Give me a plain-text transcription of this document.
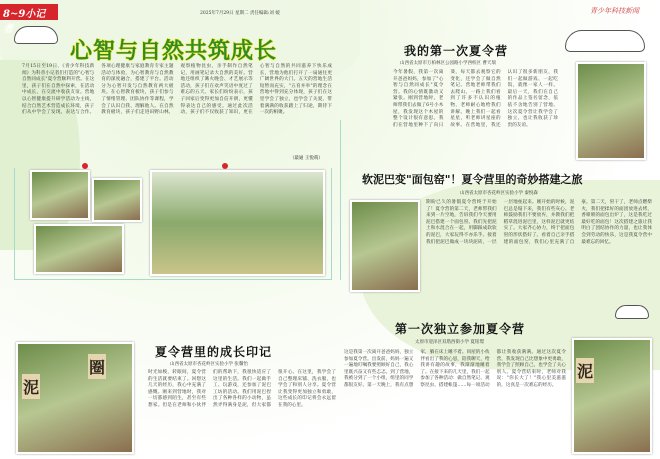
8~9小记者
2025年7月29日 星期二 责任编辑:刘 媛	青少年科技新闻
心智与自然共筑成长
7月15日至19日，《青少年科技新闻》为科普小记者们打造的"心智与自然同成长"夏令营顺利开营。在这里，孩子们在自然中探索，在活动中成长，在交流中收获友谊。营地以心智健康提升研学活动为主线，结合自然艺术营造成长环境，孩子们从中学会了发现、表达与合作。各项心理健康与家庭教育专家主题活动与体验，为心智教育与自然教育的深度融合，搭建了平台。活动分为心智开发与自然教育两大板块。在心智教育板块，孩子们参与了情绪管理、团队协作等课程，学会了认识自我、理解他人。在自然教育板块，孩子们走进田野山林，观察植物昆虫，亲手制作自然笔记，用画笔记录大自然的美好。营地还组织了篝火晚会、才艺展示等活动，孩子们在欢声笑语中度过了难忘的五天。家长们纷纷表示，孩子回家后变得更加自信开朗，更懂得表达自己的感受。通过此次活动，孩子们不仅收获了知识，更在心智与自然的共同滋养下快乐成长，营地为他们打开了一扇通往更广阔世界的大门。五天的营地生活短暂而充实，"五育并举"的理念在营地中得到充分体现，孩子们在这里学会了独立，也学会了关爱，带着满满的收获踏上了归途，期待下一次的相聚。
（最通 王悦萌）
泥
圈
夏令营里的成长印记
山西省太原市杏花岭区实验小学 张馨怡
时光如梭，转眼间，夏令营的生活就要结束了。回想这几天的经历，我心中充满了感慨。刚来到营地时，我对一切都感到陌生，甚至有些想家。但是在老师和小伙伴们的帮助下，我很快适应了这里的生活。我们一起做手工、玩游戏，还参加了泥巴工坊的活动。我们用泥巴捏出了各种各样的小动物，虽然弄得满身是泥，但大家都很开心。在这里，我学会了自己整理床铺、洗衣服，也学会了和别人分享。夏令营让我变得更加独立和勇敢，这些成长的印记将会永远留在我的心里。
我的第一次夏令营
山西省太原市万柏林区公园路小学西校区 曹天瑞
今年暑假，我第一次离开爸爸妈妈，参加了"心智与自然同成长"夏令营。我的心情既激动又紧张。刚到营地时，老师带我们去做了6号小木屋，我发现这个木屋的整个设计很有意思。我们在营地里种下了向日葵，每天都去观察它的变化，还学会了做自然笔记。营地老师带我们去爬山，一路上我们看到了许多不认识的植物，老师耐心地给我们讲解。晚上我们一起看星星，听老师讲星座的故事。在营地里，我还认识了很多新朋友，我们一起做游戏、一起吃饭，就像一家人一样。最后一天，我们在自己的作品上签名留念，依依不舍地告别了营地。这次夏令营让我学会了独立，也让我收获了珍贵的友谊。
软泥巴变"面包窑"！夏令营里的奇妙搭建之旅
山西省太原市杏花岭区实验小学 秦悦森
期盼已久的暑假夏令营终于开始了！夏令营的第二天，老师带我们来到一片空地，告诉我们今天要用泥巴搭建一个面包窑。我们先把泥土和水混合在一起，用脚踩成软软的泥巴，大家玩得不亦乐乎。接着我们把泥巴做成一块块泥砖，一层一层地垒起来。刚开始的时候，泥巴总是塌下来，我们有些灰心。老师鼓励我们不要放弃，并教我们把稻草混进泥巴里，这样泥巴就更结实了。大家齐心协力，终于把面包窑的形状搭好了。看着自己亲手搭建的面包窑，我们心里充满了自豪。第二天，窑干了，老师点燃柴火，我们把揉好的面团放进去烤，香喷喷的面包出炉了，这是我吃过最好吃的面包！这次搭建之旅让我明白了团结协作的力量，也让我体会到劳动的快乐，这是我夏令营中最难忘的回忆。
第一次独立参加夏令营
太原市迎泽区双塔西街小学 夏铭璟
这是我第一次离开爸爸妈妈，独立参加夏令营。出发前，妈妈一遍又一遍地叮嘱我要照顾好自己，我心里既兴奋又有些忐忑。到了营地，我被分到了一个小组，组里的同学都很友好。第一天晚上，我有点想家，躺在床上睡不着。同屋的小伙伴看出了我的心思，陪我聊天，给我讲有趣的故事，我渐渐地睡着了。在接下来的几天里，我们一起参加了各种活动：做自然笔记、观察昆虫、搭建帐篷……每一项活动都让我收获满满。通过这次夏令营，我发现自己比想象中更勇敢，我学会了照顾自己，也学会了关心别人。夏令营结束时，老师对我说："你长大了！"我心里美滋滋的，这真是一次难忘的经历。
泥
